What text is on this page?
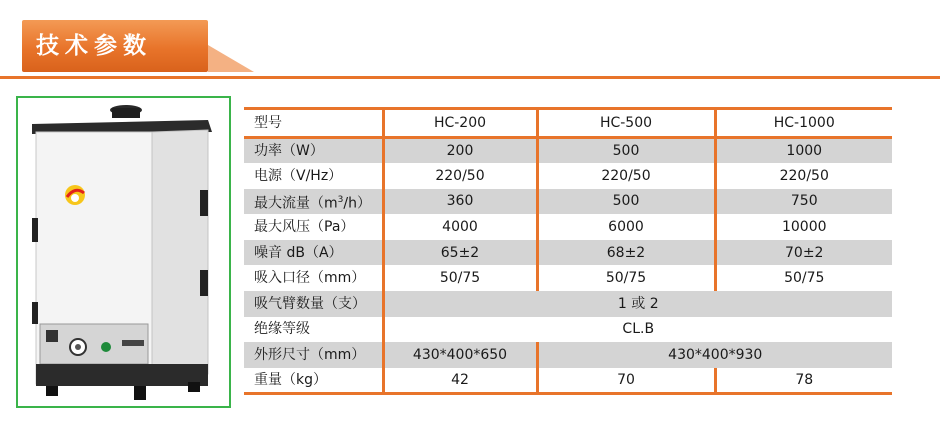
技术参数
型号	HC-200	HC-500	HC-1000
功率（W）	200	500	1000
电源（V/Hz）	220/50	220/50	220/50
最大流量$(m^3/h)$	360	500	750
最大风压（Pa）	4000	6000	10000
噪音 dB（A）	65±2	68±2	70±2
吸入口径（mm）	50/75	50/75	50/75
吸气臂数量（支）	1 或 2		
绝缘等级	CL.B		
外形尺寸（mm）	430*400*650	430*400*930	
重量（kg）	42	70	78
